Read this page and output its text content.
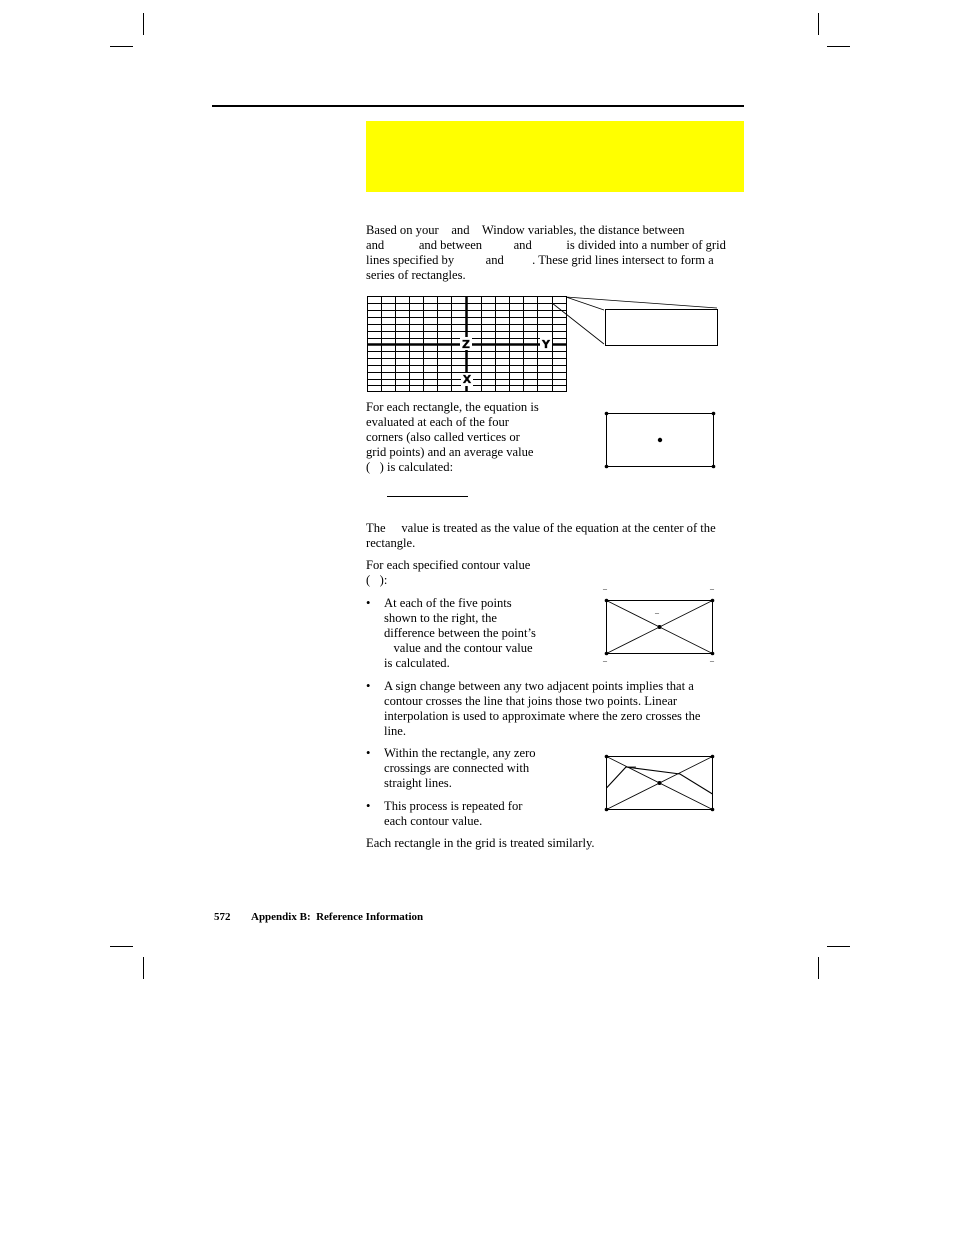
Based on your    and    Window variables, the distance between
and           and between          and           is divided into a number of grid
lines specified by          and         . These grid lines intersect to form a
series of rectangles.
Z	Y
X
For each rectangle, the equation is
evaluated at each of the four
corners (also called vertices or
grid points) and an average value
(   ) is calculated:
The     value is treated as the value of the equation at the center of the
rectangle.
For each specified contour value
(   ):
• At each of the five points
shown to the right, the
difference between the point’s
value and the contour value
is calculated.
–	–
–
–	–
• A sign change between any two adjacent points implies that a
contour crosses the line that joins those two points. Linear
interpolation is used to approximate where the zero crosses the
line.
• Within the rectangle, any zero
crossings are connected with
straight lines.
• This process is repeated for
each contour value.
Each rectangle in the grid is treated similarly.
572 Appendix B:  Reference Information
